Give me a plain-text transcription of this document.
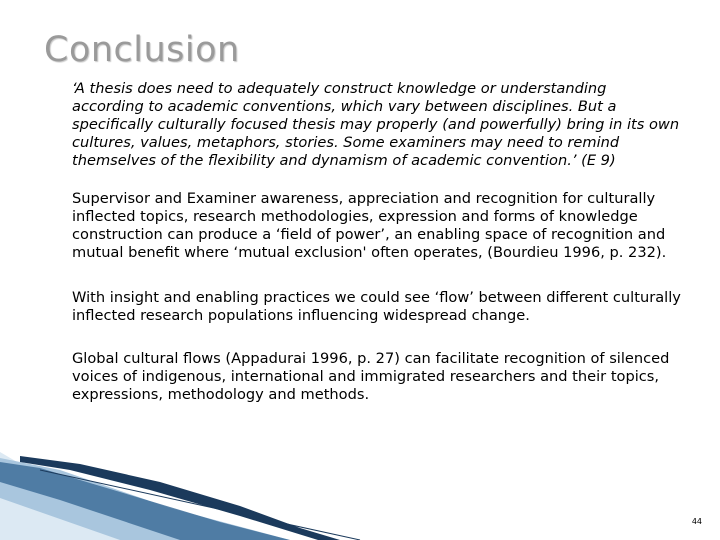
Conclusion

‘A thesis does need to adequately construct knowledge or understanding according to academic conventions, which vary between disciplines. But a specifically culturally focused thesis may properly (and powerfully) bring in its own cultures, values, metaphors, stories. Some examiners may need to remind themselves of the flexibility and dynamism of academic convention.’ (E 9)

Supervisor and Examiner awareness, appreciation and recognition for culturally inflected topics, research methodologies, expression and forms of knowledge construction can produce a ‘field of power’, an enabling space of recognition and mutual benefit where ‘mutual exclusion' often operates, (Bourdieu 1996, p. 232).

With insight and enabling practices we could see ‘flow’ between different culturally inflected research populations influencing widespread change.

Global cultural flows (Appadurai 1996, p. 27) can facilitate recognition of silenced voices of indigenous, international and immigrated researchers and their topics, expressions, methodology and methods.

44
